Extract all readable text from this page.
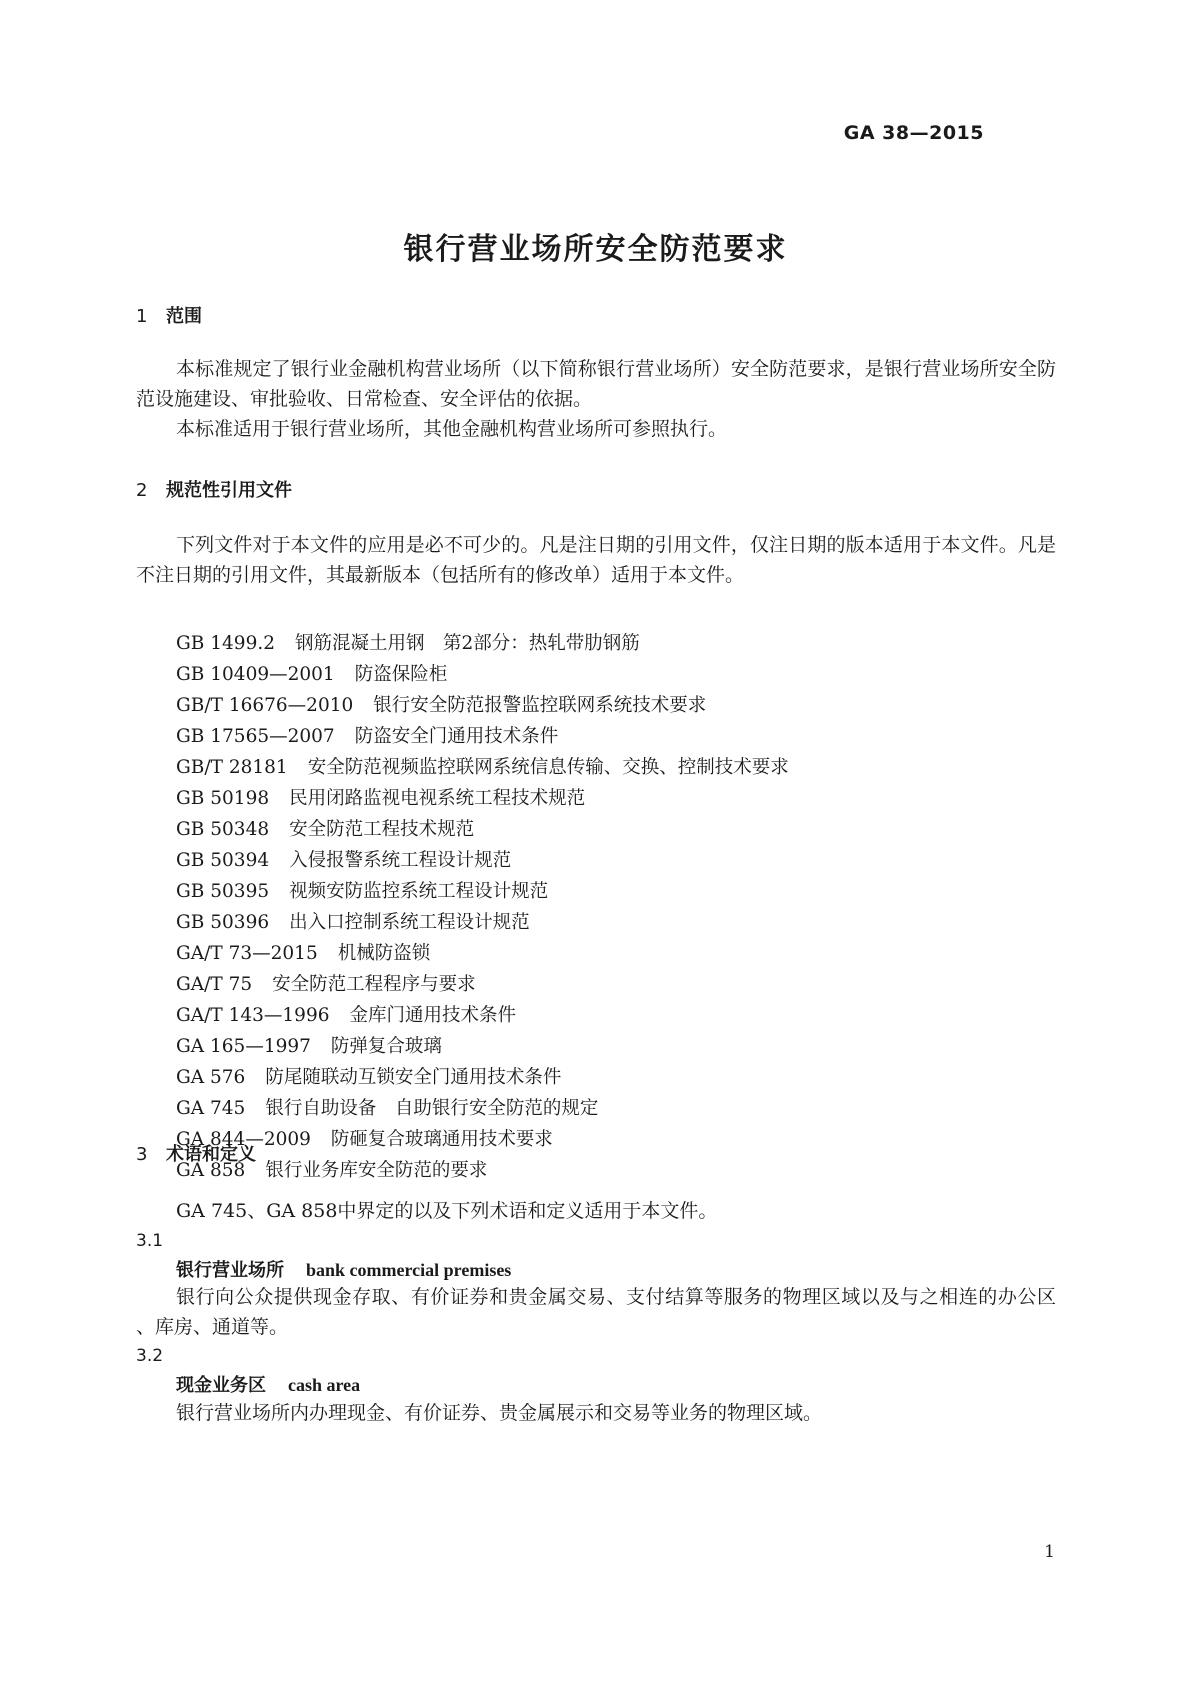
GA 38—2015
银行营业场所安全防范要求
1 范围
本标准规定了银行业金融机构营业场所（以下简称银行营业场所）安全防范要求，是银行营业场所安全防范设施建设、审批验收、日常检查、安全评估的依据。
本标准适用于银行营业场所，其他金融机构营业场所可参照执行。
2 规范性引用文件
下列文件对于本文件的应用是必不可少的。凡是注日期的引用文件，仅注日期的版本适用于本文件。凡是不注日期的引用文件，其最新版本（包括所有的修改单）适用于本文件。
GB 1499.2 钢筋混凝土用钢　第2部分：热轧带肋钢筋
GB 10409—2001 防盗保险柜
GB/T 16676—2010 银行安全防范报警监控联网系统技术要求
GB 17565—2007 防盗安全门通用技术条件
GB/T 28181 安全防范视频监控联网系统信息传输、交换、控制技术要求
GB 50198 民用闭路监视电视系统工程技术规范
GB 50348 安全防范工程技术规范
GB 50394 入侵报警系统工程设计规范
GB 50395 视频安防监控系统工程设计规范
GB 50396 出入口控制系统工程设计规范
GA/T 73—2015 机械防盗锁
GA/T 75 安全防范工程程序与要求
GA/T 143—1996 金库门通用技术条件
GA 165—1997 防弹复合玻璃
GA 576 防尾随联动互锁安全门通用技术条件
GA 745 银行自助设备　自助银行安全防范的规定
GA 844—2009 防砸复合玻璃通用技术要求
GA 858 银行业务库安全防范的要求
3 术语和定义
GA 745、GA 858中界定的以及下列术语和定义适用于本文件。
3.1
银行营业场所 bank commercial premises
银行向公众提供现金存取、有价证券和贵金属交易、支付结算等服务的物理区域以及与之相连的办公区 、库房、通道等。
3.2
现金业务区 cash area
银行营业场所内办理现金、有价证券、贵金属展示和交易等业务的物理区域。
1
